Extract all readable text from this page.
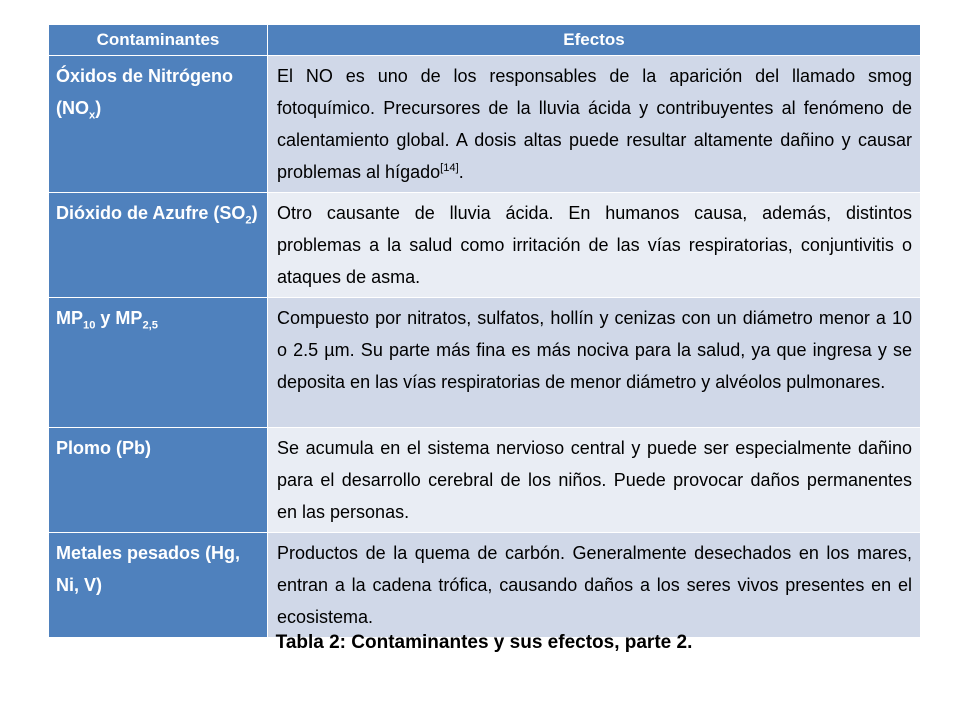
Contaminantes	Efectos
Óxidos de Nitrógeno $(NO_x)$	El NO es uno de los responsables de la aparición del llamado smog fotoquímico. Precursores de la lluvia ácida y contribuyentes al fenómeno de calentamiento global. A dosis altas puede resultar altamente dañino y causar problemas al hígado[14].
Dióxido de Azufre $(SO_2)$	Otro causante de lluvia ácida. En humanos causa, además, distintos problemas a la salud como irritación de las vías respiratorias, conjuntivitis o ataques de asma.
$MP_{10}$ y $MP_{2,5}$	Compuesto por nitratos, sulfatos, hollín y cenizas con un diámetro menor a 10 o 2.5 µm. Su parte más fina es más nociva para la salud, ya que ingresa y se deposita en las vías respiratorias de menor diámetro y alvéolos pulmonares.
Plomo (Pb)	Se acumula en el sistema nervioso central y puede ser especialmente dañino para el desarrollo cerebral de los niños. Puede provocar daños permanentes en las personas.
Metales pesados (Hg, Ni, V)	Productos de la quema de carbón. Generalmente desechados en los mares, entran a la cadena trófica, causando daños a los seres vivos presentes en el ecosistema.
Tabla 2: Contaminantes y sus efectos, parte 2.
